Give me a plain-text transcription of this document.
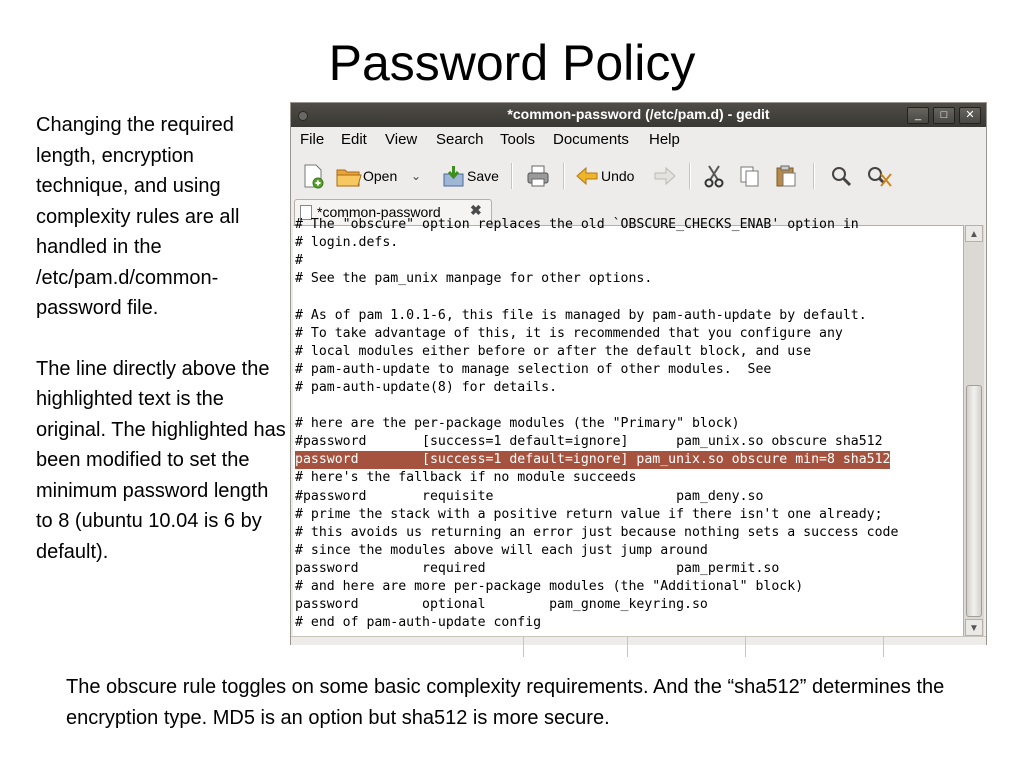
Password Policy

Changing the required length, encryption technique, and using complexity rules are all handled in the /etc/pam.d/common-password file.

The line directly above the highlighted text is the original. The highlighted has been modified to set the minimum password length to 8 (ubuntu 10.04 is 6 by default).

*common-password (/etc/pam.d) - gedit	_	□	✕
File Edit View Search Tools Documents Help
Open ⌄	Save	Undo
*common-password ✖
# The "obscure" option replaces the old `OBSCURE_CHECKS_ENAB' option in
# login.defs.
#
# See the pam_unix manpage for other options.
# As of pam 1.0.1-6, this file is managed by pam-auth-update by default.
# To take advantage of this, it is recommended that you configure any
# local modules either before or after the default block, and use
# pam-auth-update to manage selection of other modules.  See
# pam-auth-update(8) for details.
# here are the per-package modules (the "Primary" block)
#password       [success=1 default=ignore]      pam_unix.so obscure sha512
password        [success=1 default=ignore] pam_unix.so obscure min=8 sha512
# here's the fallback if no module succeeds
#password       requisite                       pam_deny.so
# prime the stack with a positive return value if there isn't one already;
# this avoids us returning an error just because nothing sets a success code
# since the modules above will each just jump around
password        required                        pam_permit.so
# and here are more per-package modules (the "Additional" block)
password        optional        pam_gnome_keyring.so
# end of pam-auth-update config
▲
▼
The obscure rule toggles on some basic complexity requirements. And the “sha512” determines the encryption type. MD5 is an option but sha512 is more secure.
